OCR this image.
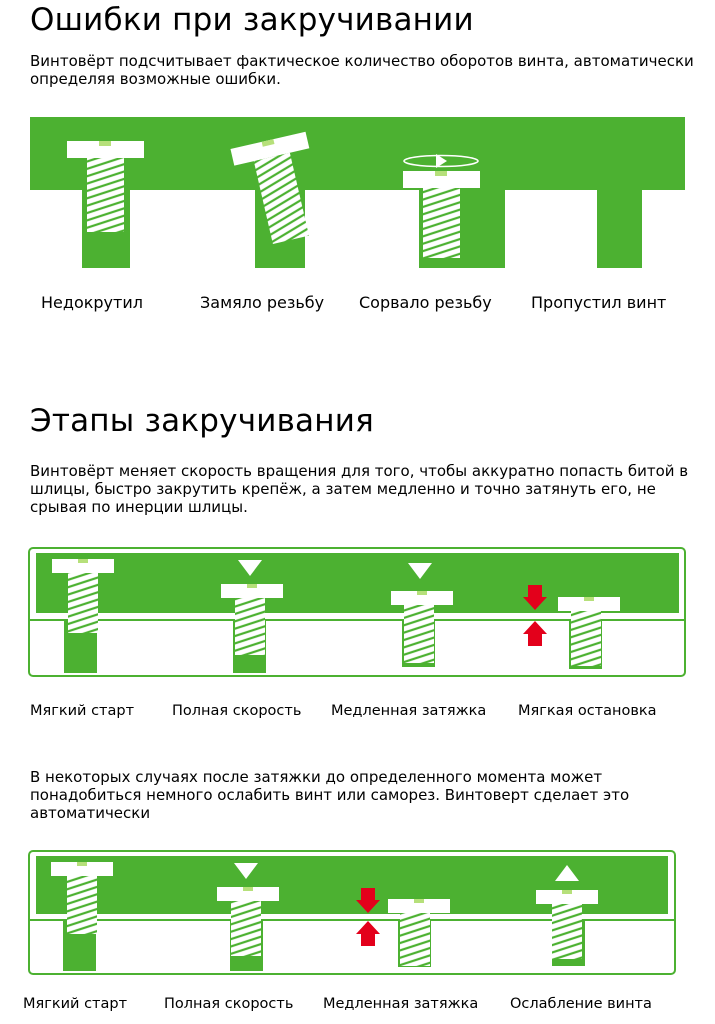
Ошибки при закручивании

Винтовёрт подсчитывает фактическое количество оборотов винта, автоматически определяя возможные ошибки.

Недокрутил	Замяло резьбу Сорвало резьбу Пропустил винт
Этапы закручивания

Винтовёрт меняет скорость вращения для того, чтобы аккуратно попасть битой в шлицы, быстро закрутить крепёж, а затем медленно и точно затянуть его, не срывая по инерции шлицы.

Мягкий старт	Полная скорость Медленная затяжка Мягкая остановка

В некоторых случаях после затяжки до определенного момента может понадобиться немного ослабить винт или саморез. Винтоверт сделает это автоматически

Мягкий старт	Полная скорость Медленная затяжка Ослабление винта
